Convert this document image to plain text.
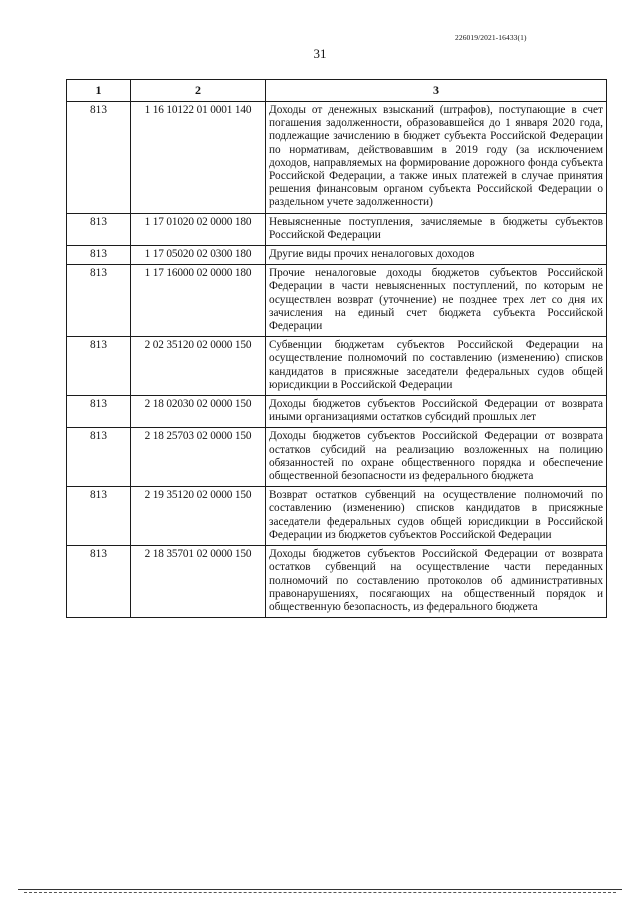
226019/2021-16433(1)
31
1	2	3
813	1 16 10122 01 0001 140	Доходы от денежных взысканий (штрафов), поступающие в счет погашения задолженности, образовавшейся до 1 января 2020 года, подлежащие зачислению в бюджет субъекта Российской Федерации по нормативам, действовавшим в 2019 году (за исключением доходов, направляемых на формирование дорожного фонда субъекта Российской Федерации, а также иных платежей в случае принятия решения финансовым органом субъекта Российской Федерации о раздельном учете задолженности)
813	1 17 01020 02 0000 180	Невыясненные поступления, зачисляемые в бюджеты субъектов Российской Федерации
813	1 17 05020 02 0300 180	Другие виды прочих неналоговых доходов
813	1 17 16000 02 0000 180	Прочие неналоговые доходы бюджетов субъектов Российской Федерации в части невыясненных поступлений, по которым не осуществлен возврат (уточнение) не позднее трех лет со дня их зачисления на единый счет бюджета субъекта Российской Федерации
813	2 02 35120 02 0000 150	Субвенции бюджетам субъектов Российской Федерации на осуществление полномочий по составлению (изменению) списков кандидатов в присяжные заседатели федеральных судов общей юрисдикции в Российской Федерации
813	2 18 02030 02 0000 150	Доходы бюджетов субъектов Российской Федерации от возврата иными организациями остатков субсидий прошлых лет
813	2 18 25703 02 0000 150	Доходы бюджетов субъектов Российской Федерации от возврата остатков субсидий на реализацию возложенных на полицию обязанностей по охране общественного порядка и обеспечение общественной безопасности из федерального бюджета
813	2 19 35120 02 0000 150	Возврат остатков субвенций на осуществление полномочий по составлению (изменению) списков кандидатов в присяжные заседатели федеральных судов общей юрисдикции в Российской Федерации из бюджетов субъектов Российской Федерации
813	2 18 35701 02 0000 150	Доходы бюджетов субъектов Российской Федерации от возврата остатков субвенций на осуществление части переданных полномочий по составлению протоколов об административных правонарушениях, посягающих на общественный порядок и общественную безопасность, из федерального бюджета
